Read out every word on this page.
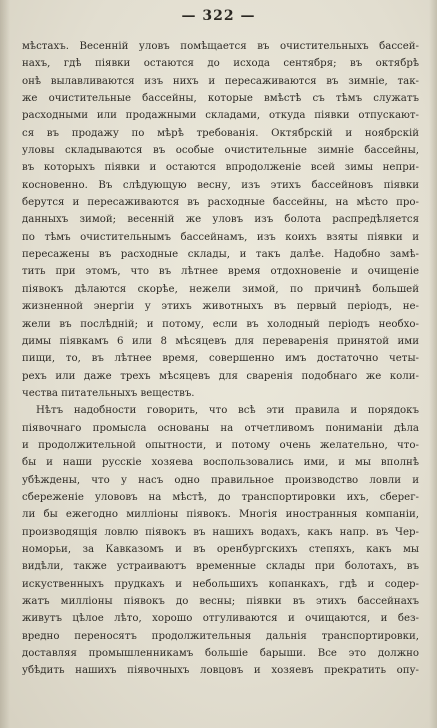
— 322 —
мѣстахъ. Весенній уловъ помѣщается въ очистительныхъ бассей-
нахъ, гдѣ піявки остаются до исхода сентября; въ октябрѣ
онѣ вылавливаются изъ нихъ и пересаживаются въ зимніе, так-
же очистительные бассейны, которые вмѣстѣ съ тѣмъ служатъ
расходными или продажными складами, откуда піявки отпускают-
ся въ продажу по мѣрѣ требованія. Октябрскій и ноябрскій
уловы складываются въ особые очистительные зимніе бассейны,
въ которыхъ піявки и остаются впродолженіе всей зимы непри-
косновенно. Въ слѣдующую весну, изъ этихъ бассейновъ піявки
берутся и пересаживаются въ расходные бассейны, на мѣсто про-
данныхъ зимой; весенній же уловъ изъ болота распредѣляется
по тѣмъ очистительнымъ бассейнамъ, изъ коихъ взяты піявки и
пересажены въ расходные склады, и такъ далѣе. Надобно замѣ-
тить при этомъ, что въ лѣтнее время отдохновеніе и очищеніе
піявокъ дѣлаются скорѣе, нежели зимой, по причинѣ большей
жизненной энергіи у этихъ животныхъ въ первый періодъ, не-
жели въ послѣдній; и потому, если въ холодный періодъ необхо-
димы піявкамъ 6 или 8 мѣсяцевъ для переваренія принятой ими
пищи, то, въ лѣтнее время, совершенно имъ достаточно четы-
рехъ или даже трехъ мѣсяцевъ для сваренія подобнаго же коли-
чества питательныхъ веществъ.
Нѣтъ надобности говорить, что всѣ эти правила и порядокъ
піявочнаго промысла основаны на отчетливомъ пониманіи дѣла
и продолжительной опытности, и потому очень желательно, что-
бы и наши русскіе хозяева воспользовались ими, и мы вполнѣ
убѣждены, что у насъ одно правильное производство ловли и
сбереженіе улововъ на мѣстѣ, до транспортировки ихъ, сберег-
ли бы ежегодно милліоны піявокъ. Многія иностранныя компаніи,
производящія ловлю піявокъ въ нашихъ водахъ, какъ напр. въ Чер-
номорьи, за Кавказомъ и въ оренбургскихъ степяхъ, какъ мы
видѣли, также устраиваютъ временные склады при болотахъ, въ
искуственныхъ прудкахъ и небольшихъ копанкахъ, гдѣ и содер-
жатъ милліоны піявокъ до весны; піявки въ этихъ бассейнахъ
живутъ цѣлое лѣто, хорошо отгуливаются и очищаются, и без-
вредно переносятъ продолжительныя дальнія транспортировки,
доставляя промышленникамъ большіе барыши. Все это должно
убѣдить нашихъ піявочныхъ ловцовъ и хозяевъ прекратить опу-
